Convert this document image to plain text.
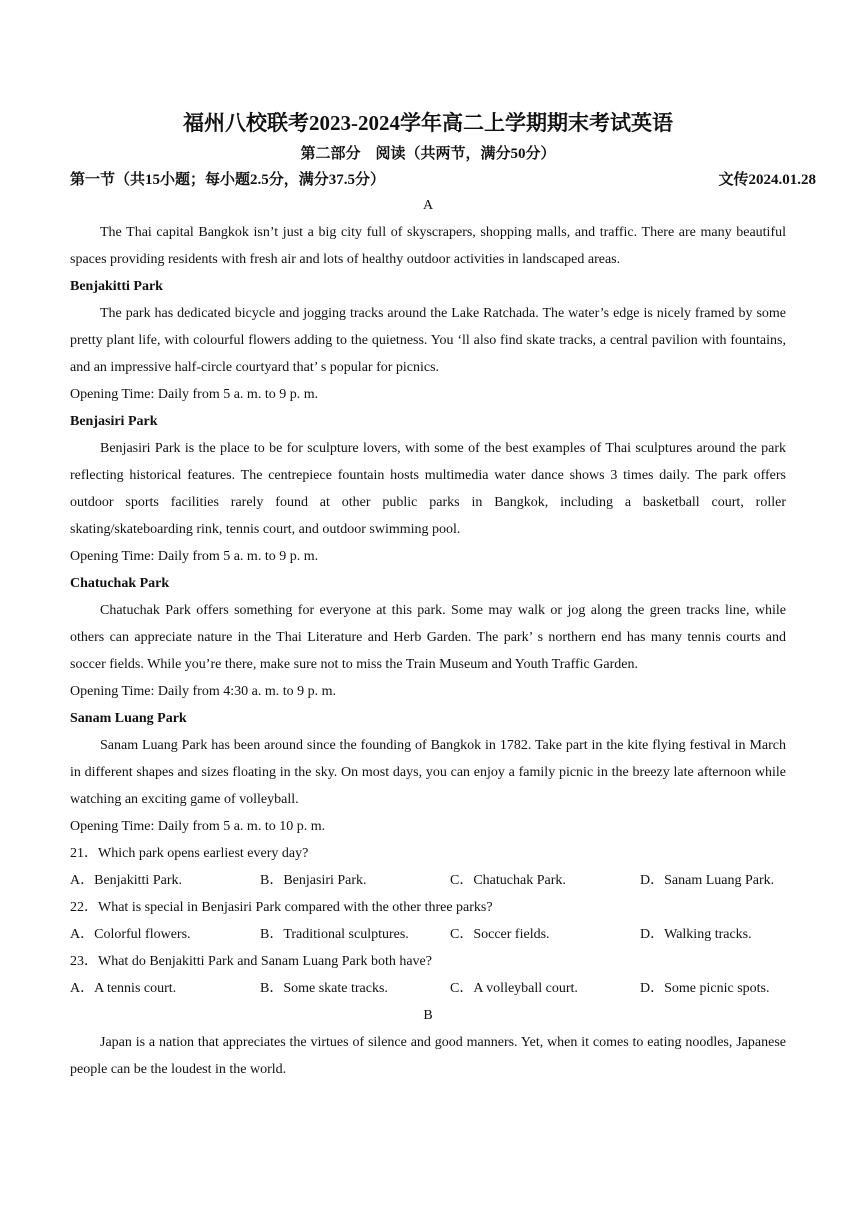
福州八校联考2023-2024学年高二上学期期末考试英语
第二部分　阅读（共两节，满分50分）
第一节（共15小题；每小题2.5分，满分37.5分）	文传2024.01.28
A

The Thai capital Bangkok isn’t just a big city full of skyscrapers, shopping malls, and traffic. There are many beautiful spaces providing residents with fresh air and lots of healthy outdoor activities in landscaped areas.

Benjakitti Park

The park has dedicated bicycle and jogging tracks around the Lake Ratchada. The water’s edge is nicely framed by some pretty plant life, with colourful flowers adding to the quietness. You ‘ll also find skate tracks, a central pavilion with fountains, and an impressive half-circle courtyard that’ s popular for picnics.

Opening Time: Daily from 5 a. m. to 9 p. m.

Benjasiri Park

Benjasiri Park is the place to be for sculpture lovers, with some of the best examples of Thai sculptures around the park reflecting historical features. The centrepiece fountain hosts multimedia water dance shows 3 times daily. The park offers outdoor sports facilities rarely found at other public parks in Bangkok, including a basketball court, roller skating/skateboarding rink, tennis court, and outdoor swimming pool.

Opening Time: Daily from 5 a. m. to 9 p. m.

Chatuchak Park

Chatuchak Park offers something for everyone at this park. Some may walk or jog along the green tracks line, while others can appreciate nature in the Thai Literature and Herb Garden. The park’ s northern end has many tennis courts and soccer fields. While you’re there, make sure not to miss the Train Museum and Youth Traffic Garden.

Opening Time: Daily from 4:30 a. m. to 9 p. m.

Sanam Luang Park

Sanam Luang Park has been around since the founding of Bangkok in 1782. Take part in the kite flying festival in March in different shapes and sizes floating in the sky. On most days, you can enjoy a family picnic in the breezy late afternoon while watching an exciting game of volleyball.

Opening Time: Daily from 5 a. m. to 10 p. m.

21．Which park opens earliest every day?

A．Benjakitti Park.	B．Benjasiri Park.	C．Chatuchak Park.	D．Sanam Luang Park.

22．What is special in Benjasiri Park compared with the other three parks?

A．Colorful flowers.	B．Traditional sculptures.	C．Soccer fields.	D．Walking tracks.

23．What do Benjakitti Park and Sanam Luang Park both have?

A．A tennis court.	B．Some skate tracks.	C．A volleyball court.	D．Some picnic spots.
B

Japan is a nation that appreciates the virtues of silence and good manners. Yet, when it comes to eating noodles, Japanese people can be the loudest in the world.
